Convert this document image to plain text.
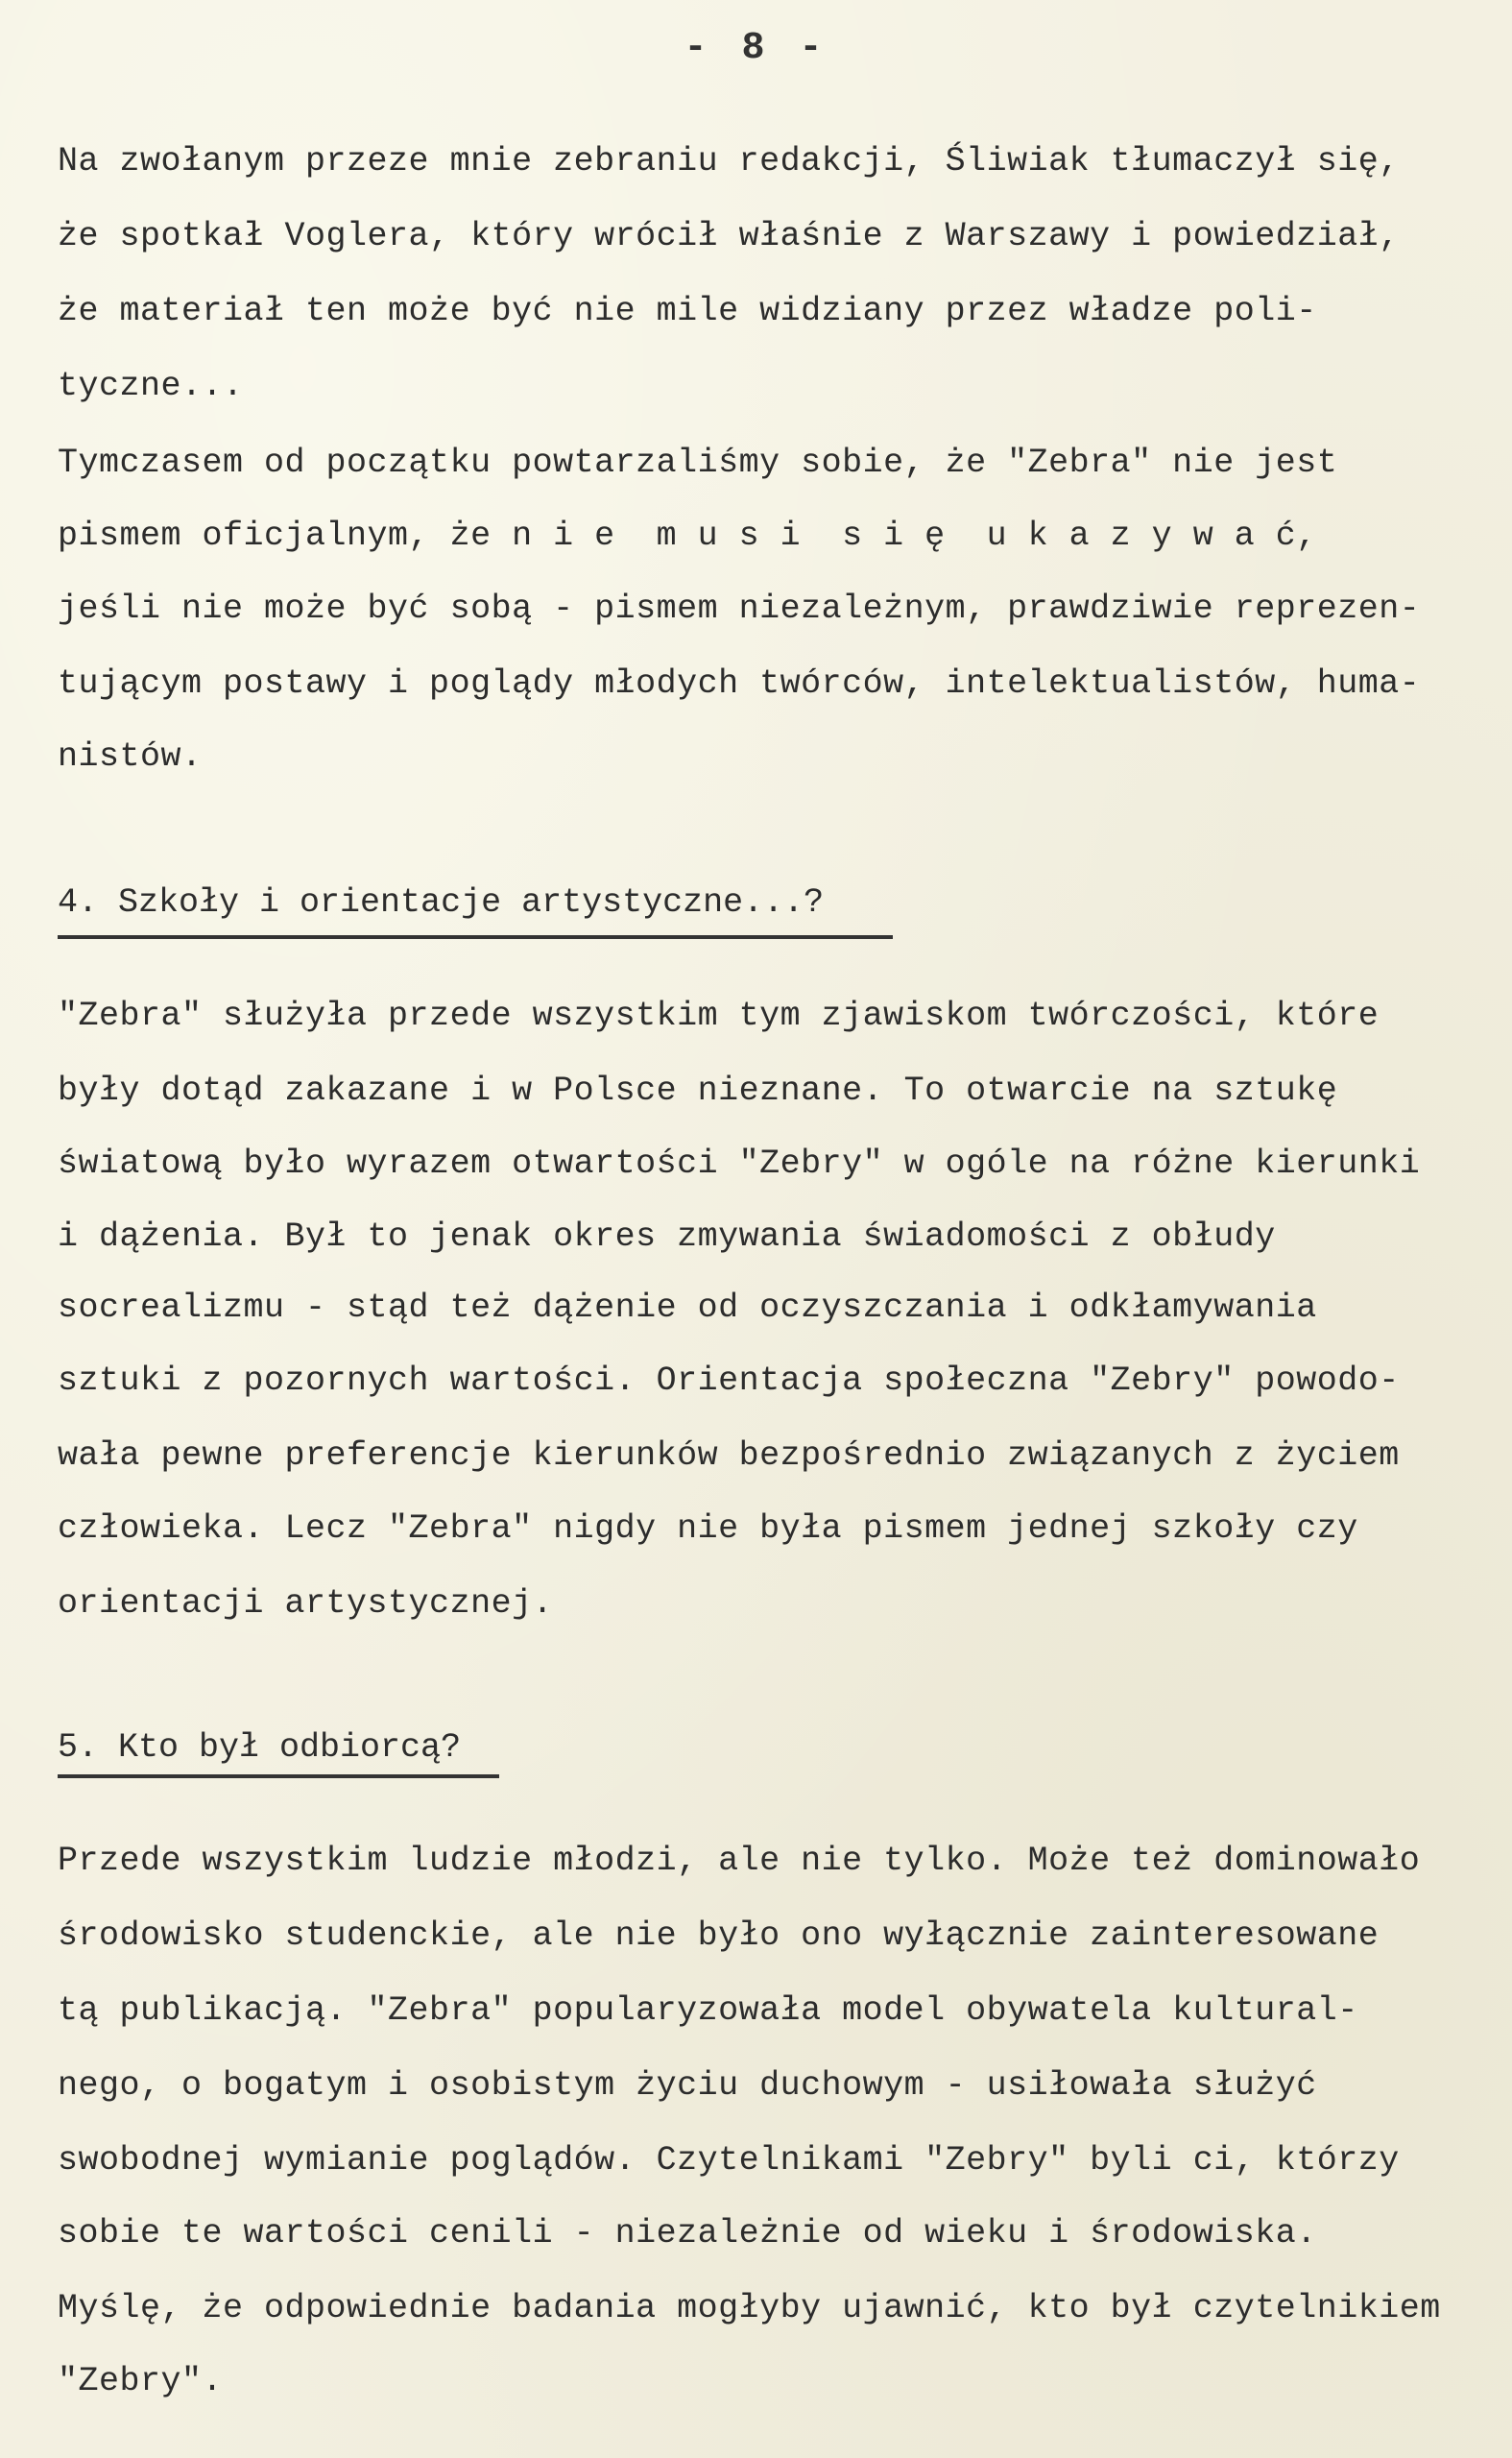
- 8 -
Na zwołanym przeze mnie zebraniu redakcji, Śliwiak tłumaczył się,
że spotkał Voglera, który wrócił właśnie z Warszawy i powiedział,
że materiał ten może być nie mile widziany przez władze poli-
tyczne...
Tymczasem od początku powtarzaliśmy sobie, że "Zebra" nie jest
pismem oficjalnym, że n i e  m u s i  s i ę  u k a z y w a ć,
jeśli nie może być sobą - pismem niezależnym, prawdziwie reprezen-
tującym postawy i poglądy młodych twórców, intelektualistów, huma-
nistów.
4. Szkoły i orientacje artystyczne...?
"Zebra" służyła przede wszystkim tym zjawiskom twórczości, które
były dotąd zakazane i w Polsce nieznane. To otwarcie na sztukę
światową było wyrazem otwartości "Zebry" w ogóle na różne kierunki
i dążenia. Był to jenak okres zmywania świadomości z obłudy
socrealizmu - stąd też dążenie od oczyszczania i odkłamywania
sztuki z pozornych wartości. Orientacja społeczna "Zebry" powodo-
wała pewne preferencje kierunków bezpośrednio związanych z życiem
człowieka. Lecz "Zebra" nigdy nie była pismem jednej szkoły czy
orientacji artystycznej.
5. Kto był odbiorcą?
Przede wszystkim ludzie młodzi, ale nie tylko. Może też dominowało
środowisko studenckie, ale nie było ono wyłącznie zainteresowane
tą publikacją. "Zebra" popularyzowała model obywatela kultural-
nego, o bogatym i osobistym życiu duchowym - usiłowała służyć
swobodnej wymianie poglądów. Czytelnikami "Zebry" byli ci, którzy
sobie te wartości cenili - niezależnie od wieku i środowiska.
Myślę, że odpowiednie badania mogłyby ujawnić, kto był czytelnikiem
"Zebry".
